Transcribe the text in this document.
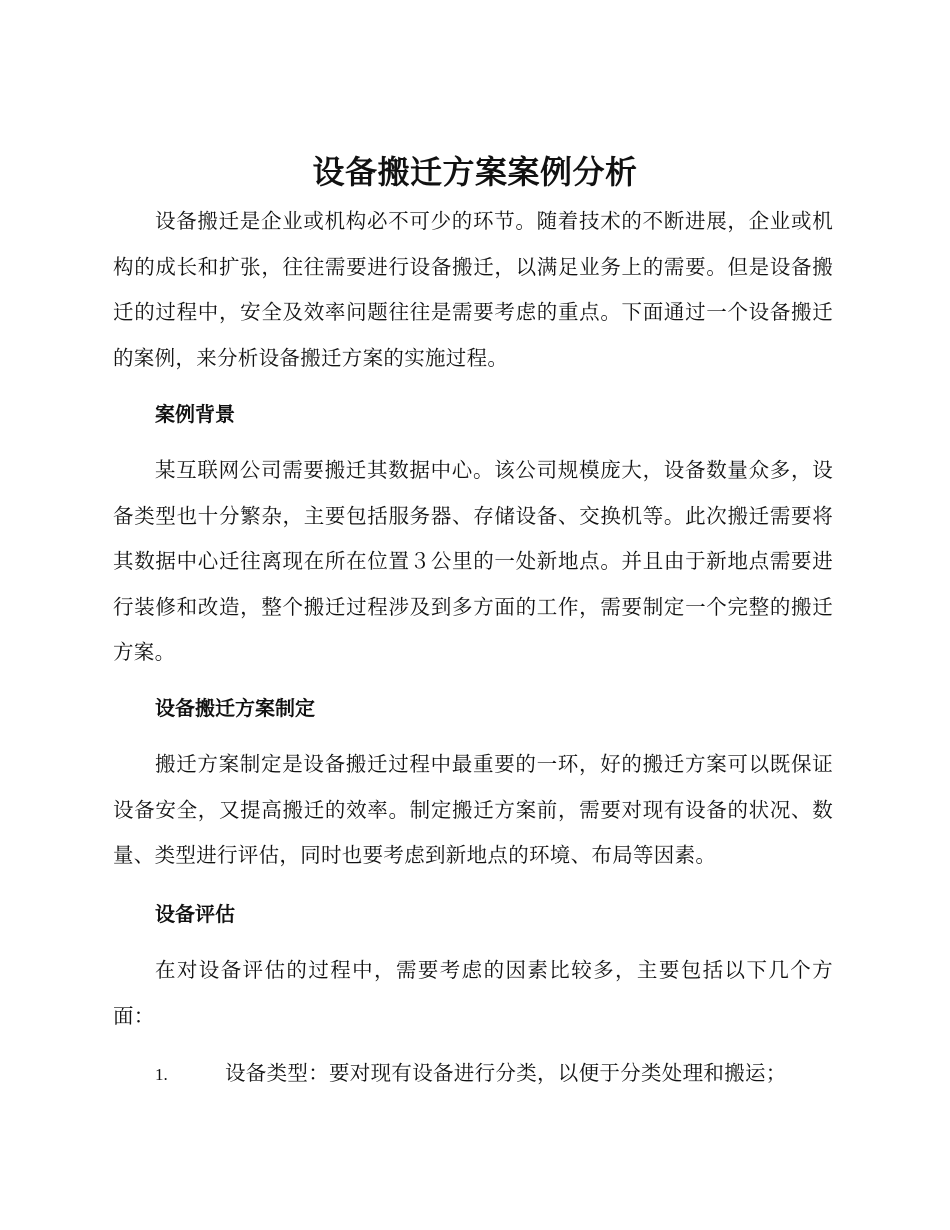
设备搬迁方案案例分析

设备搬迁是企业或机构必不可少的环节。随着技术的不断进展，企业或机构的成长和扩张，往往需要进行设备搬迁，以满足业务上的需要。但是设备搬迁的过程中，安全及效率问题往往是需要考虑的重点。下面通过一个设备搬迁的案例，来分析设备搬迁方案的实施过程。

案例背景

某互联网公司需要搬迁其数据中心。该公司规模庞大，设备数量众多，设备类型也十分繁杂，主要包括服务器、存储设备、交换机等。此次搬迁需要将其数据中心迁往离现在所在位置３公里的一处新地点。并且由于新地点需要进行装修和改造，整个搬迁过程涉及到多方面的工作，需要制定一个完整的搬迁方案。

设备搬迁方案制定

搬迁方案制定是设备搬迁过程中最重要的一环，好的搬迁方案可以既保证设备安全，又提高搬迁的效率。制定搬迁方案前，需要对现有设备的状况、数量、类型进行评估，同时也要考虑到新地点的环境、布局等因素。

设备评估

在对设备评估的过程中，需要考虑的因素比较多，主要包括以下几个方面：

1.	设备类型：要对现有设备进行分类，以便于分类处理和搬运；
